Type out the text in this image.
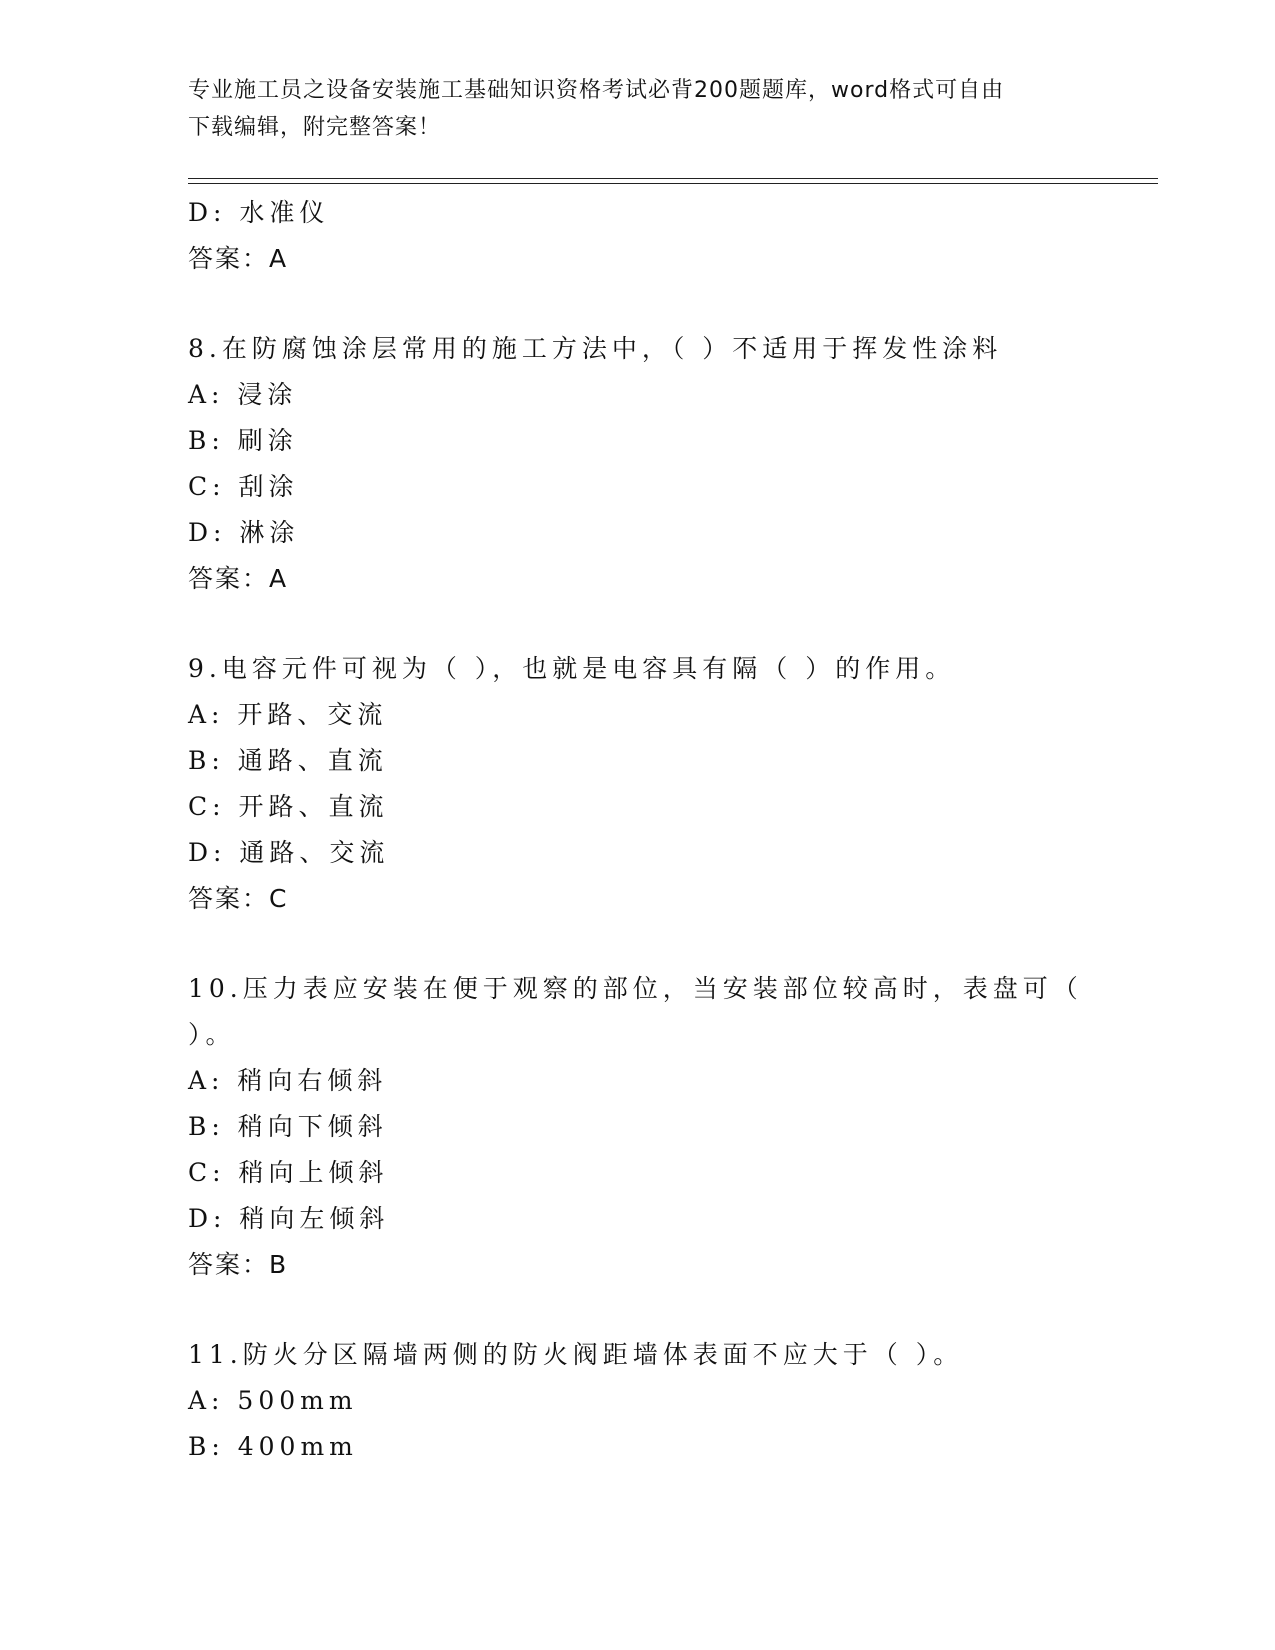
专业施工员之设备安装施工基础知识资格考试必背200题题库，word格式可自由
下载编辑，附完整答案！
D: 水准仪
答案：A
8.在防腐蚀涂层常用的施工方法中，（ ）不适用于挥发性涂料
A: 浸涂
B: 刷涂
C: 刮涂
D: 淋涂
答案：A
9.电容元件可视为（ ），也就是电容具有隔（ ）的作用。
A: 开路、交流
B: 通路、直流
C: 开路、直流
D: 通路、交流
答案：C
10.压力表应安装在便于观察的部位，当安装部位较高时，表盘可（
）。
A: 稍向右倾斜
B: 稍向下倾斜
C: 稍向上倾斜
D: 稍向左倾斜
答案：B
11.防火分区隔墙两侧的防火阀距墙体表面不应大于（ ）。
A: 500mm
B: 400mm
